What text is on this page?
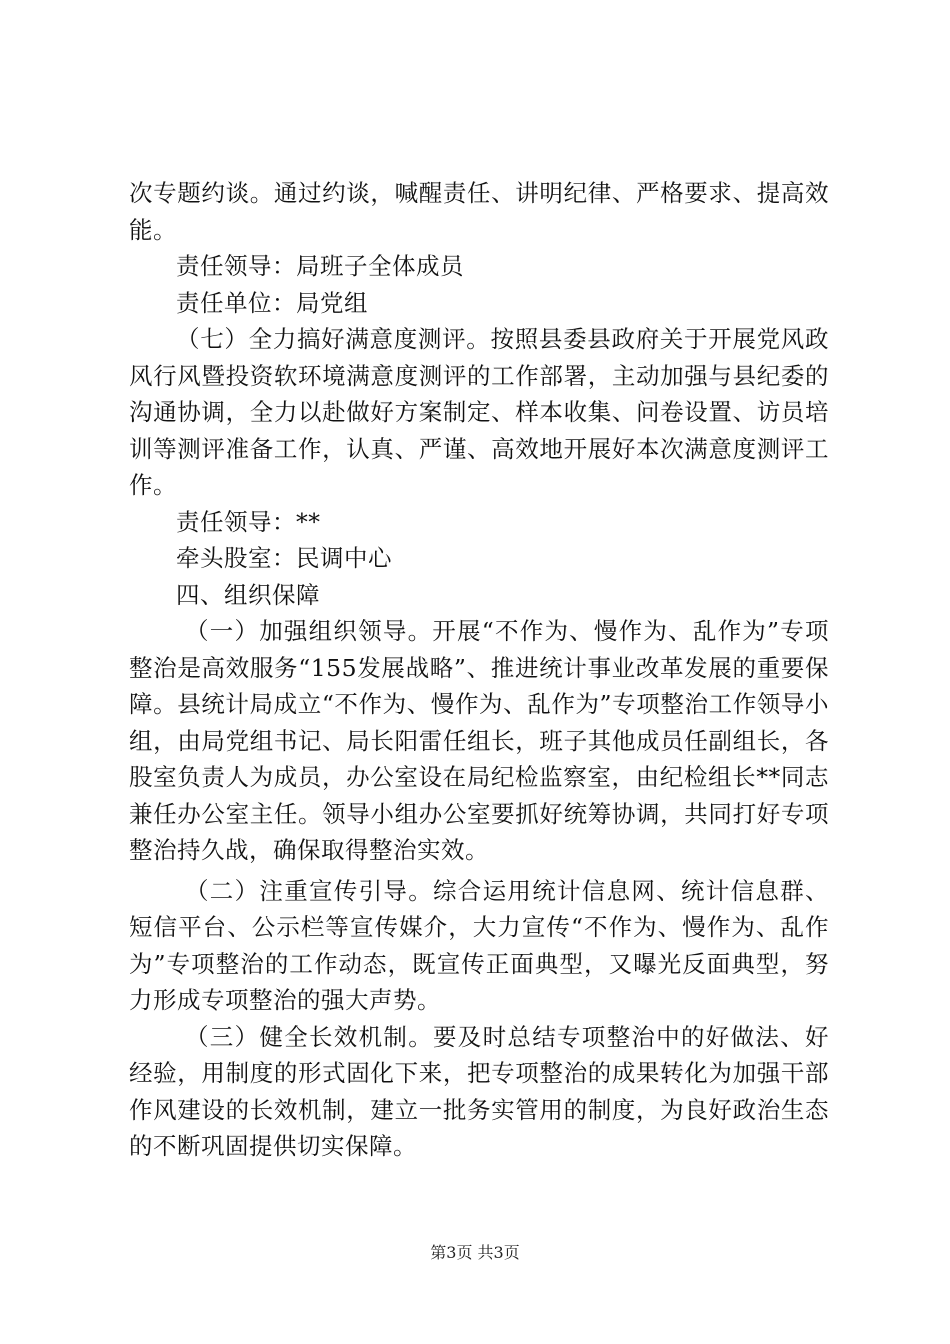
次专题约谈。通过约谈，喊醒责任、讲明纪律、严格要求、提高效能。

责任领导：局班子全体成员

责任单位：局党组

（七）全力搞好满意度测评。按照县委县政府关于开展党风政风行风暨投资软环境满意度测评的工作部署，主动加强与县纪委的沟通协调，全力以赴做好方案制定、样本收集、问卷设置、访员培训等测评准备工作，认真、严谨、高效地开展好本次满意度测评工作。

责任领导：**

牵头股室：民调中心

四、组织保障

（一）加强组织领导。开展“不作为、慢作为、乱作为”专项整治是高效服务“155发展战略”、推进统计事业改革发展的重要保障。县统计局成立“不作为、慢作为、乱作为”专项整治工作领导小组，由局党组书记、局长阳雷任组长，班子其他成员任副组长，各股室负责人为成员，办公室设在局纪检监察室，由纪检组长**同志兼任办公室主任。领导小组办公室要抓好统筹协调，共同打好专项整治持久战，确保取得整治实效。

（二）注重宣传引导。综合运用统计信息网、统计信息群、短信平台、公示栏等宣传媒介，大力宣传“不作为、慢作为、乱作为”专项整治的工作动态，既宣传正面典型，又曝光反面典型，努力形成专项整治的强大声势。

（三）健全长效机制。要及时总结专项整治中的好做法、好经验，用制度的形式固化下来，把专项整治的成果转化为加强干部作风建设的长效机制，建立一批务实管用的制度，为良好政治生态的不断巩固提供切实保障。

第3页 共3页
